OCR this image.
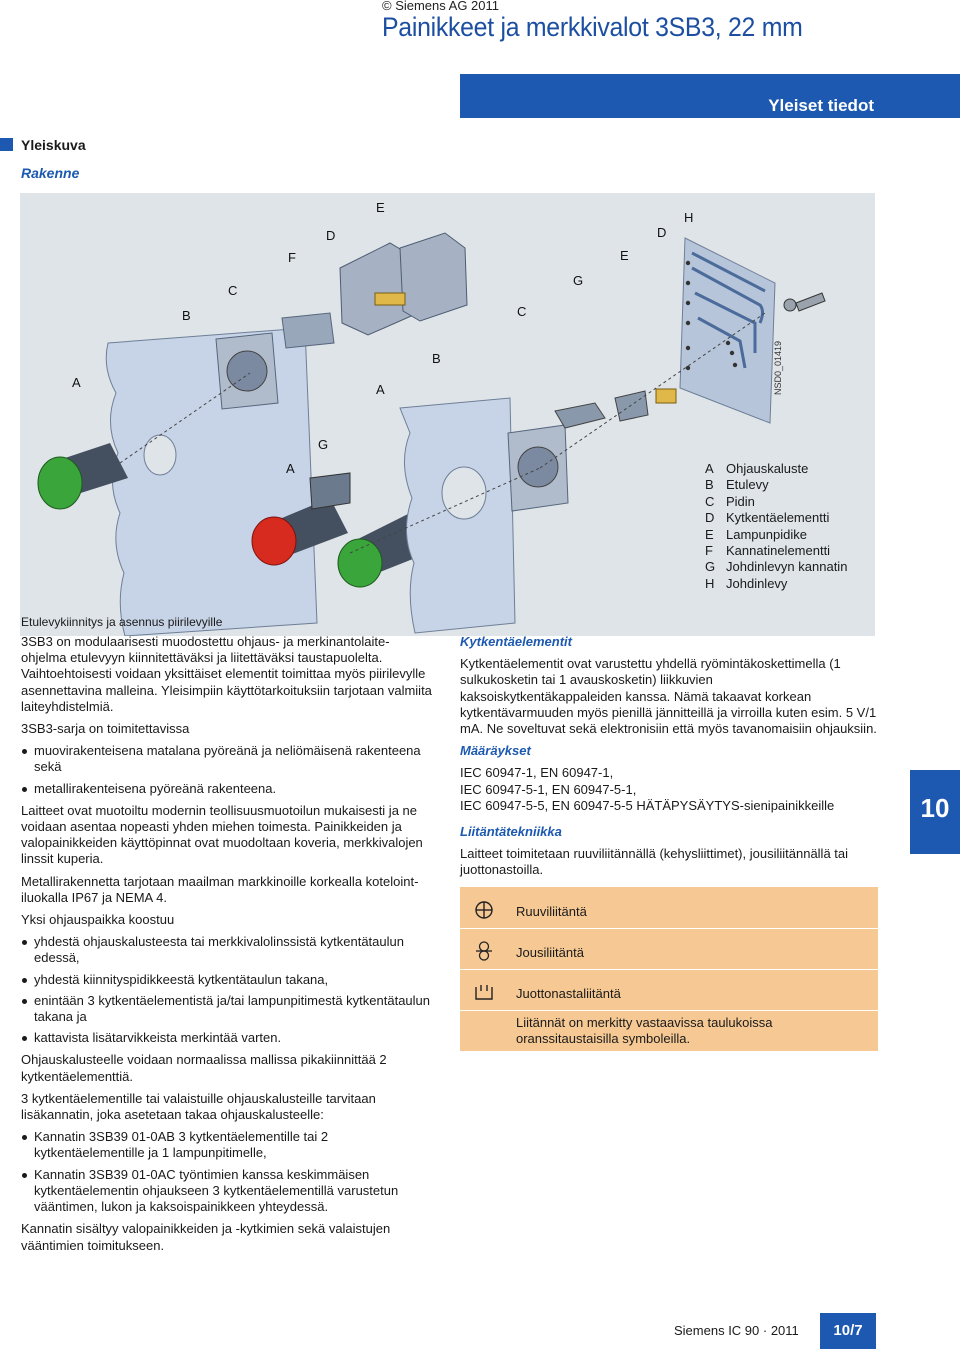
© Siemens AG 2011
Painikkeet ja merkkivalot 3SB3, 22 mm
Yleiset tiedot
Yleiskuva
Rakenne
E
H
D	D
F	E
G
C
B	C
B
A	A
G
A
NSD0_01419
A Ohjauskaluste
B Etulevy
C Pidin
D Kytkentäelementti
E Lampunpidike
F Kannatinelementti
G Johdinlevyn kannatin
H Johdinlevy
Etulevykiinnitys ja asennus piirilevyille

3SB3 on modulaarisesti muodostettu ohjaus- ja merkinantolaite-ohjelma etulevyyn kiinnitettäväksi ja liitettäväksi taustapuolelta. Vaihtoehtoisesti voidaan yksittäiset elementit toimittaa myös piirilevylle asennettavina malleina. Yleisimpiin käyttötarkoituksiin tarjotaan valmiita laiteyhdistelmiä.

3SB3-sarja on toimitettavissa

muovirakenteisena matalana pyöreänä ja neliömäisenä rakenteena sekä
metallirakenteisena pyöreänä rakenteena.

Laitteet ovat muotoiltu modernin teollisuusmuotoilun mukaisesti ja ne voidaan asentaa nopeasti yhden miehen toimesta. Painikkeiden ja valopainikkeiden käyttöpinnat ovat muodoltaan koveria, merkkivalojen linssit kuperia.

Metallirakennetta tarjotaan maailman markkinoille korkealla kotelointiluokalla IP67 ja NEMA 4.

Yksi ohjauspaikka koostuu

yhdestä ohjauskalusteesta tai merkkivalolinssistä kytkentätaulun edessä,
yhdestä kiinnityspidikkeestä kytkentätaulun takana,
enintään 3 kytkentäelementistä ja/tai lampunpitimestä kytkentätaulun takana ja
kattavista lisätarvikkeista merkintää varten.

Ohjauskalusteelle voidaan normaalissa mallissa pikakiinnittää 2 kytkentäelementtiä.

3 kytkentäelementille tai valaistuille ohjauskalusteille tarvitaan lisäkannatin, joka asetetaan takaa ohjauskalusteelle:

Kannatin 3SB39 01-0AB 3 kytkentäelementille tai 2 kytkentäelementille ja 1 lampunpitimelle,
Kannatin 3SB39 01-0AC työntimien kanssa keskimmäisen kytkentäelementin ohjaukseen 3 kytkentäelementillä varustetun vääntimen, lukon ja kaksoispainikkeen yhteydessä.

Kannatin sisältyy valopainikkeiden ja -kytkimien sekä valaistujen vääntimien toimitukseen.

Kytkentäelementit

Kytkentäelementit ovat varustettu yhdellä ryömintäkoskettimella (1 sulkukosketin tai 1 avauskosketin) liikkuvien kaksoiskytkentäkappaleiden kanssa. Nämä takaavat korkean kytkentävarmuuden myös pienillä jännitteillä ja virroilla kuten esim. 5 V/1 mA. Ne soveltuvat sekä elektronisiin että myös tavanomaisiin ohjauksiin.

Määräykset

IEC 60947-1, EN 60947-1,
IEC 60947-5-1, EN 60947-5-1,
IEC 60947-5-5, EN 60947-5-5 HÄTÄPYSÄYTYS-sienipainikkeille

Liitäntätekniikka

Laitteet toimitetaan ruuviliitännällä (kehysliittimet), jousiliitännällä tai juottonastoilla.

Ruuviliitäntä
Jousiliitäntä
Juottonastaliitäntä
Liitännät on merkitty vastaavissa taulukoissa oranssitaustaisilla symboleilla.
10
Siemens IC 90 · 2011	10/7
